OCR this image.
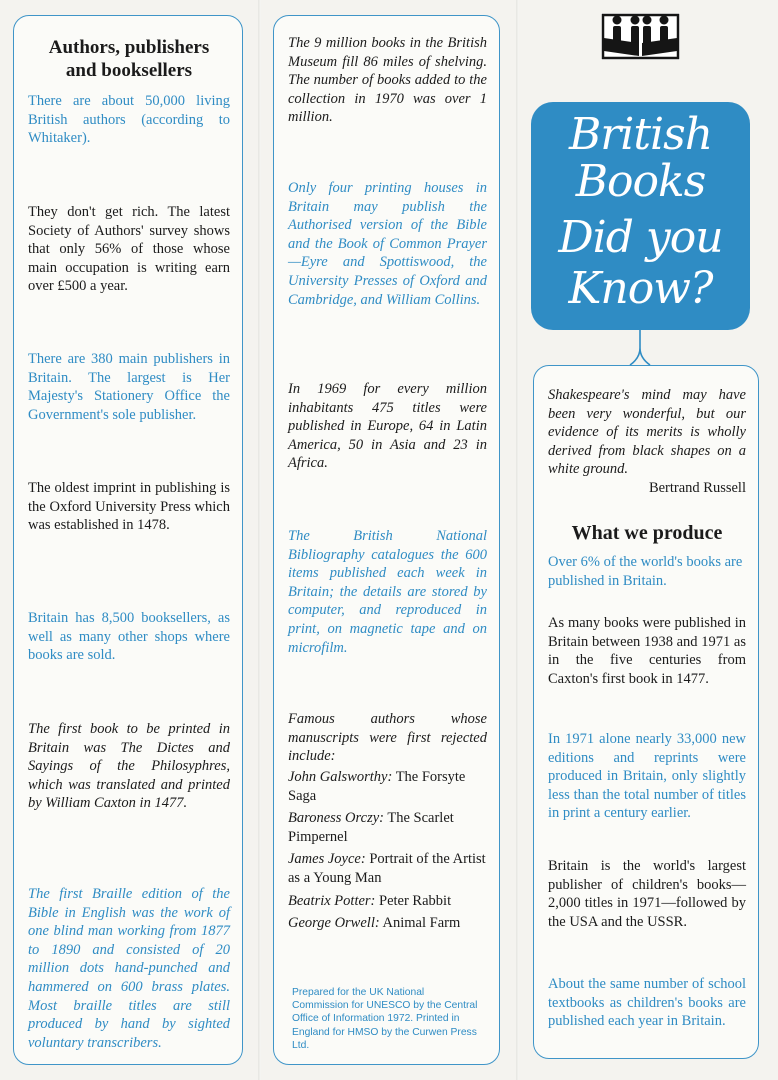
Authors, publishers and booksellers
There are about 50,000 living British authors (according to Whitaker).
They don't get rich. The latest Society of Authors' survey shows that only 56% of those whose main occupation is writing earn over £500 a year.
There are 380 main publishers in Britain. The largest is Her Majesty's Stationery Office the Government's sole publisher.
The oldest imprint in publishing is the Oxford University Press which was established in 1478.
Britain has 8,500 booksellers, as well as many other shops where books are sold.
The first book to be printed in Britain was The Dictes and Sayings of the Philosyphres, which was translated and printed by William Caxton in 1477.
The first Braille edition of the Bible in English was the work of one blind man working from 1877 to 1890 and consisted of 20 million dots hand-punched and hammered on 600 brass plates. Most braille titles are still produced by hand by sighted voluntary transcribers.
The 9 million books in the British Museum fill 86 miles of shelving. The number of books added to the collection in 1970 was over 1 million.
Only four printing houses in Britain may publish the Authorised version of the Bible and the Book of Common Prayer—Eyre and Spottiswood, the University Presses of Oxford and Cambridge, and William Collins.
In 1969 for every million inhabitants 475 titles were published in Europe, 64 in Latin America, 50 in Asia and 23 in Africa.
The British National Bibliography catalogues the 600 items published each week in Britain; the details are stored by computer, and reproduced in print, on magnetic tape and on microfilm.
Famous authors whose manuscripts were first rejected include:
John Galsworthy: The Forsyte Saga
Baroness Orczy: The Scarlet Pimpernel
James Joyce: Portrait of the Artist as a Young Man
Beatrix Potter: Peter Rabbit
George Orwell: Animal Farm
Prepared for the UK National Commission for UNESCO by the Central Office of Information 1972. Printed in England for HMSO by the Curwen Press Ltd.
British
Books
Did you
Know?
Shakespeare's mind may have been very wonderful, but our evidence of its merits is wholly derived from black shapes on a white ground.
Bertrand Russell
What we produce
Over 6% of the world's books are published in Britain.
As many books were published in Britain between 1938 and 1971 as in the five centuries from Caxton's first book in 1477.
In 1971 alone nearly 33,000 new editions and reprints were produced in Britain, only slightly less than the total number of titles in print a century earlier.
Britain is the world's largest publisher of children's books—2,000 titles in 1971—followed by the USA and the USSR.
About the same number of school textbooks as children's books are published each year in Britain.
